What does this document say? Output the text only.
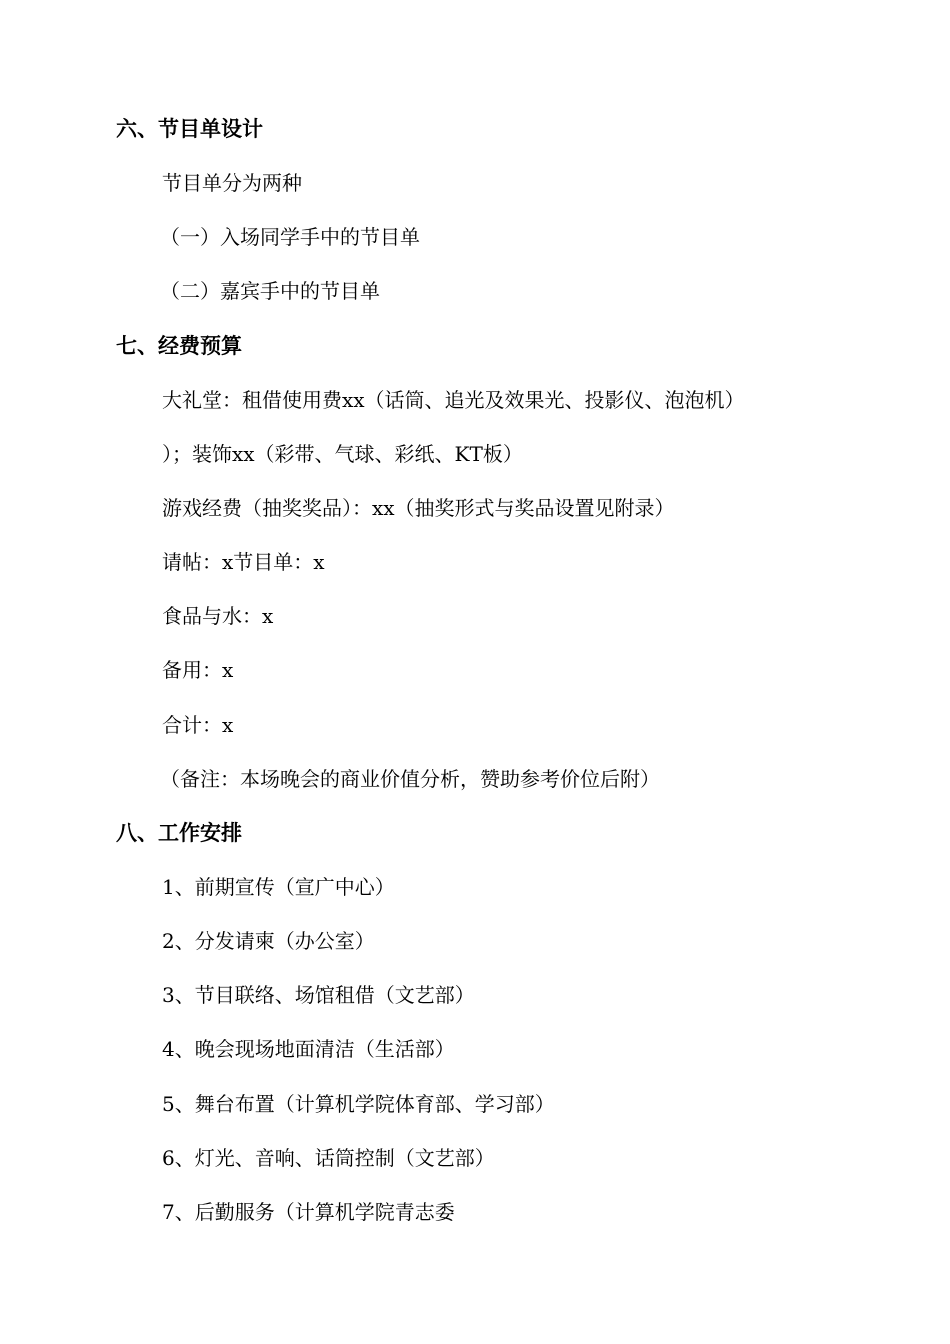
六、节目单设计
节目单分为两种
（一）入场同学手中的节目单
（二）嘉宾手中的节目单
七、经费预算
大礼堂：租借使用费xx（话筒、追光及效果光、投影仪、泡泡机）
）；装饰xx（彩带、气球、彩纸、KT板）
游戏经费（抽奖奖品）：xx（抽奖形式与奖品设置见附录）
请帖：x节目单：x
食品与水：x
备用：x
合计：x
（备注：本场晚会的商业价值分析，赞助参考价位后附）
八、工作安排
1、前期宣传（宣广中心）
2、分发请柬（办公室）
3、节目联络、场馆租借（文艺部）
4、晚会现场地面清洁（生活部）
5、舞台布置（计算机学院体育部、学习部）
6、灯光、音响、话筒控制（文艺部）
7、后勤服务（计算机学院青志委
